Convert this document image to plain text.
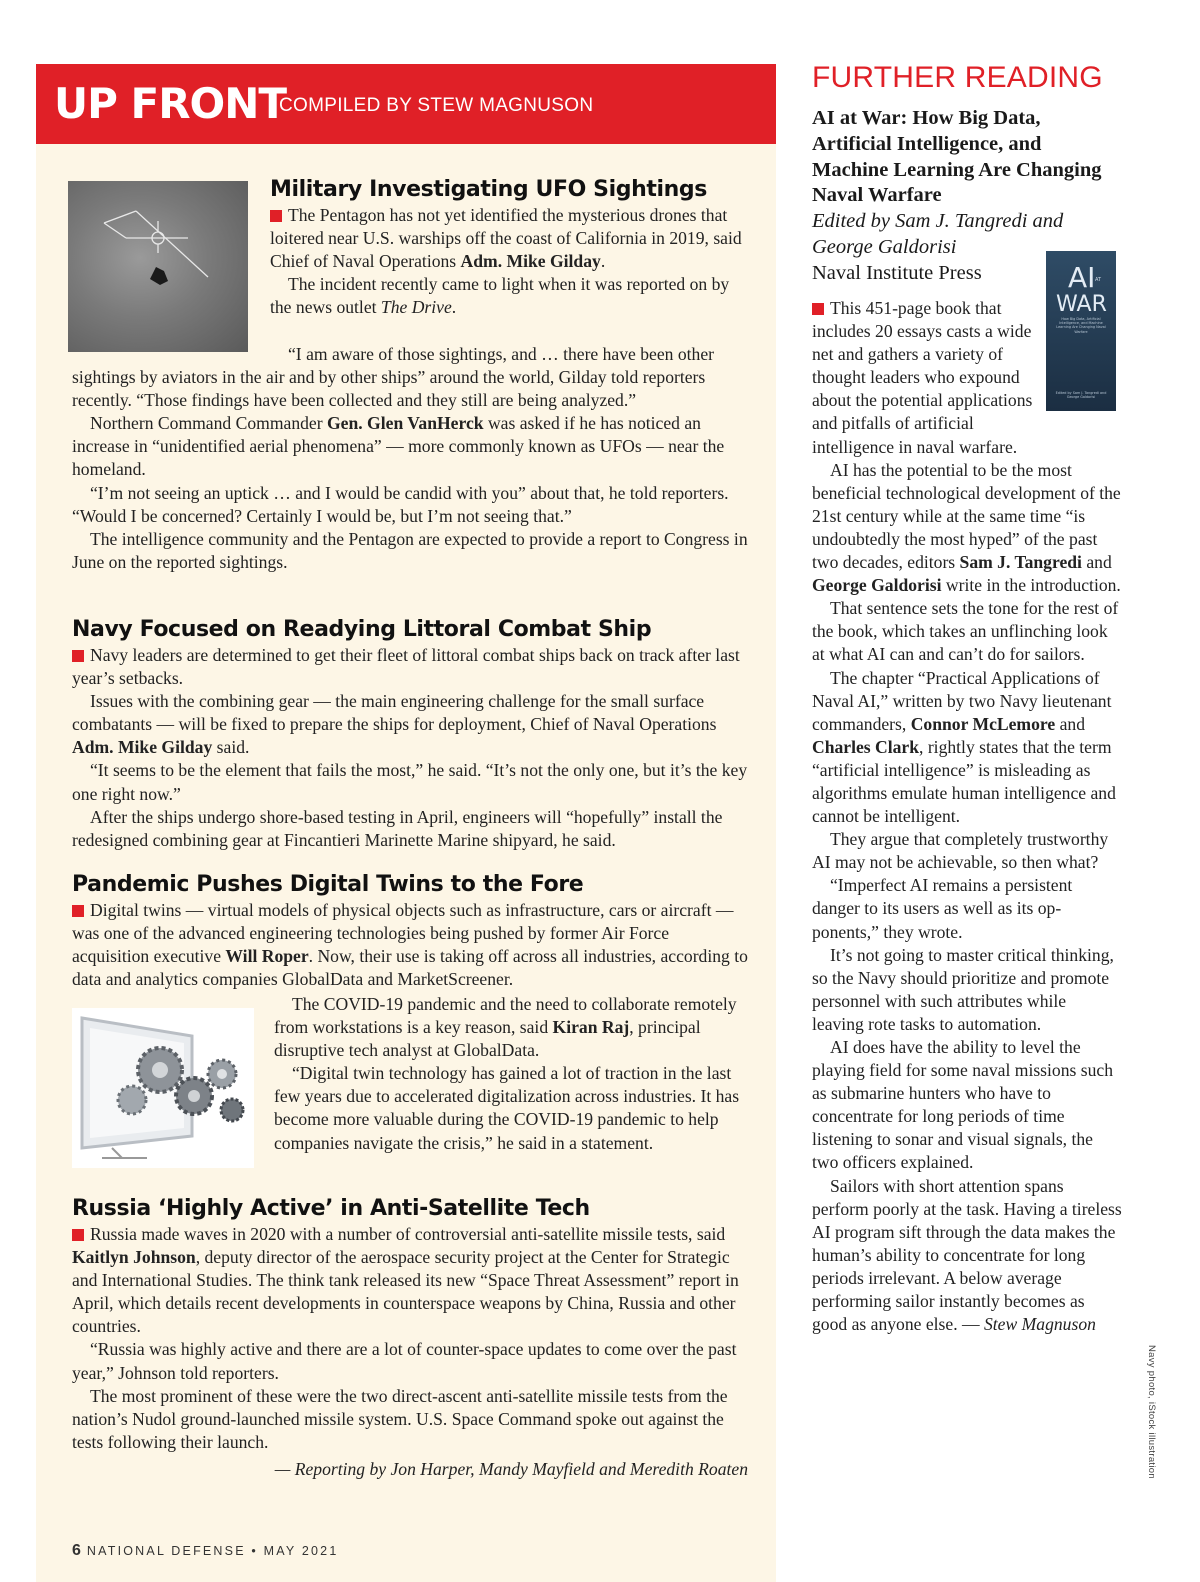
UP FRONT
COMPILED BY STEW MAGNUSON
Military Investigating UFO Sightings

The Pentagon has not yet identified the mysterious drones that loitered near U.S. warships off the coast of California in 2019, said Chief of Naval Operations Adm. Mike Gilday.

The incident recently came to light when it was reported on by the news outlet The Drive.

“I am aware of those sightings, and … there have been other sightings by aviators in the air and by other ships” around the world, Gilday told reporters recently. “Those findings have been collected and they still are being analyzed.”

Northern Command Commander Gen. Glen VanHerck was asked if he has noticed an increase in “unidentified aerial phenomena” — more commonly known as UFOs — near the homeland.

“I’m not seeing an uptick … and I would be candid with you” about that, he told reporters. “Would I be concerned? Certainly I would be, but I’m not seeing that.”

The intelligence community and the Pentagon are expected to provide a report to Congress in June on the reported sightings.

Navy Focused on Readying Littoral Combat Ship

Navy leaders are determined to get their fleet of littoral combat ships back on track after last year’s setbacks.

Issues with the combining gear — the main engineering challenge for the small surface combatants — will be fixed to prepare the ships for deployment, Chief of Naval Operations Adm. Mike Gilday said.

“It seems to be the element that fails the most,” he said. “It’s not the only one, but it’s the key one right now.”

After the ships undergo shore-based testing in April, engineers will “hopefully” install the redesigned combining gear at Fincantieri Marinette Marine shipyard, he said.

Pandemic Pushes Digital Twins to the Fore

Digital twins — virtual models of physical objects such as infrastructure, cars or aircraft — was one of the advanced engineering technologies being pushed by former Air Force acquisition executive Will Roper. Now, their use is taking off across all industries, according to data and analytics companies GlobalData and MarketScreener.

The COVID-19 pandemic and the need to collaborate remotely from workstations is a key reason, said Kiran Raj, principal disruptive tech analyst at GlobalData.

“Digital twin technology has gained a lot of traction in the last few years due to accelerated digitalization across industries. It has become more valuable during the COVID-19 pandemic to help companies navigate the crisis,” he said in a statement.

Russia ‘Highly Active’ in Anti-Satellite Tech

Russia made waves in 2020 with a number of controversial anti-satellite missile tests, said Kaitlyn Johnson, deputy director of the aerospace security project at the Center for Strategic and International Studies. The think tank released its new “Space Threat Assessment” report in April, which details recent developments in counterspace weapons by China, Russia and other countries.

“Russia was highly active and there are a lot of counter-space updates to come over the past year,” Johnson told reporters.

The most prominent of these were the two direct-ascent anti-satellite missile tests from the nation’s Nudol ground-launched missile system. U.S. Space Command spoke out against the tests following their launch.

— Reporting by Jon Harper, Mandy Mayfield and Meredith Roaten

6 NATIONAL DEFENSE • MAY 2021
FURTHER READING
AI at War: How Big Data, Artificial Intelligence, and Machine Learning Are Changing Naval Warfare
Edited by Sam J. Tangredi and George Galdorisi
Naval Institute Press	AI AT
WAR
How Big Data, Artificial Intelligence, and Machine Learning Are Changing Naval Warfare
Edited by Sam J. Tangredi and George Galdorisi

This 451-page book that includes 20 essays casts a wide net and gathers a variety of thought leaders who expound about the potential applications and pitfalls of artificial intelligence in naval warfare.

AI has the potential to be the most beneficial technological development of the 21st century while at the same time “is undoubtedly the most hyped” of the past two decades, editors Sam J. Tangredi and George Galdorisi write in the introduction.

That sentence sets the tone for the rest of the book, which takes an unflinching look at what AI can and can’t do for sailors.

The chapter “Practical Applications of Naval AI,” written by two Navy lieutenant commanders, Connor McLemore and Charles Clark, rightly states that the term “artificial intelligence” is misleading as algorithms emulate human intelligence and cannot be intelligent.

They argue that completely trustworthy AI may not be achievable, so then what?

“Imperfect AI remains a persistent danger to its users as well as its opponents,” they wrote.

It’s not going to master critical thinking, so the Navy should prioritize and promote personnel with such attributes while leaving rote tasks to automation.

AI does have the ability to level the playing field for some naval missions such as submarine hunters who have to concentrate for long periods of time listening to sonar and visual signals, the two officers explained.

Sailors with short attention spans perform poorly at the task. Having a tireless AI program sift through the data makes the human’s ability to concentrate for long periods irrelevant. A below average performing sailor instantly becomes as good as anyone else. — Stew Magnuson

Navy photo, iStock illustration
